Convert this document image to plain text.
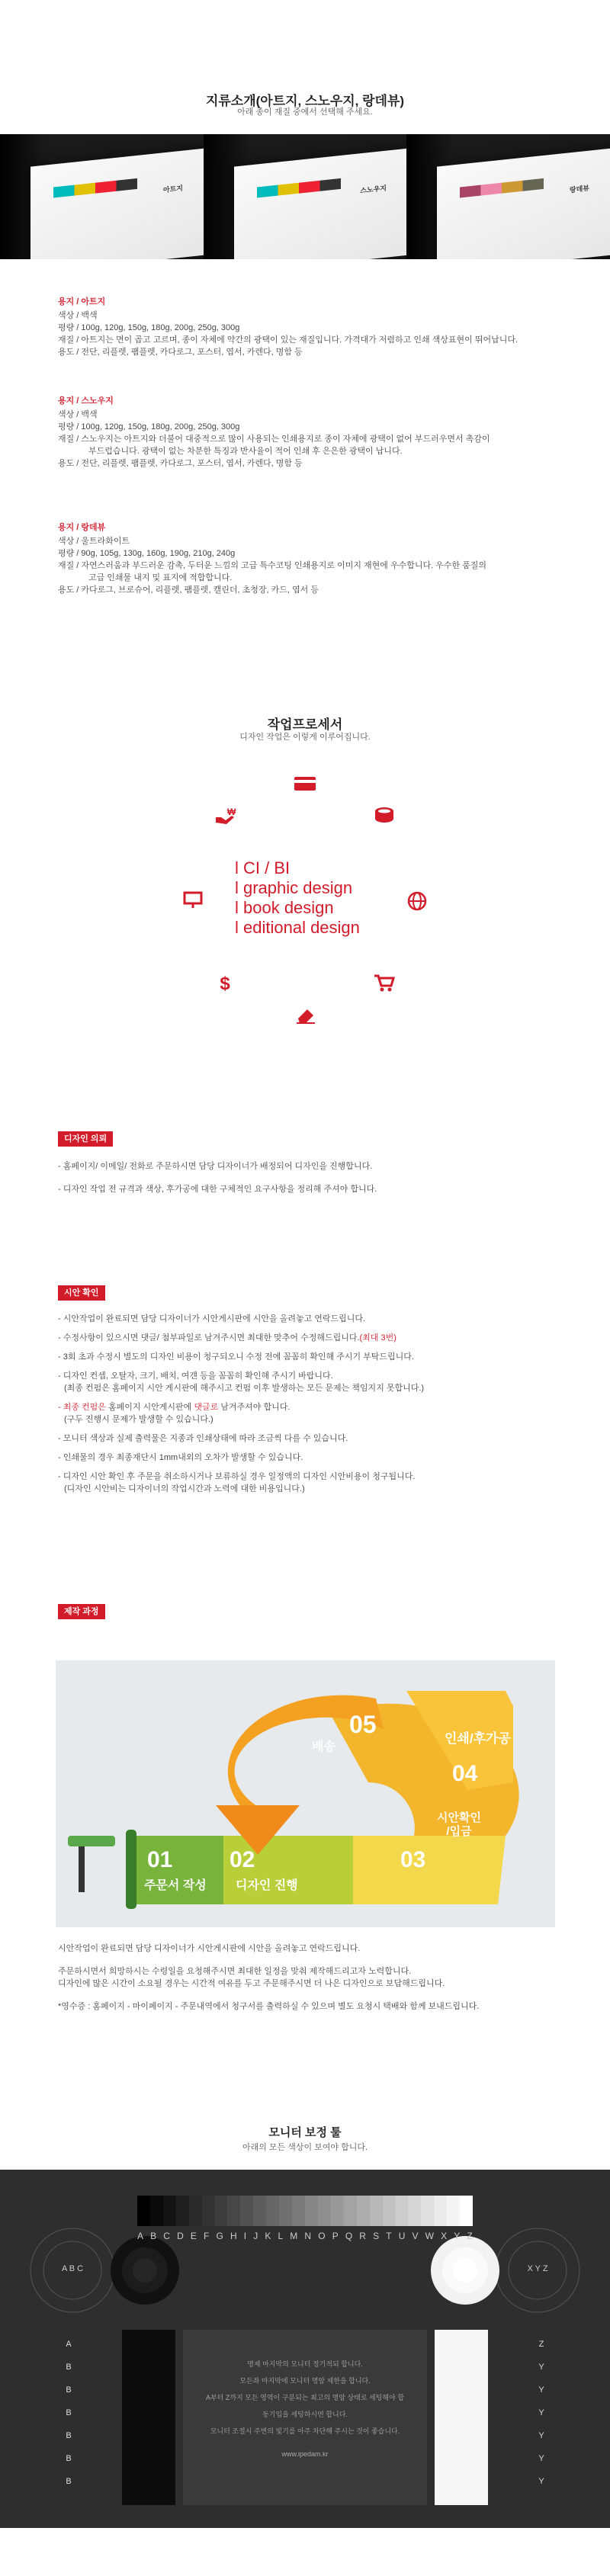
지류소개(아트지, 스노우지, 랑데뷰)
아래 종이 재질 중에서 선택해 주세요.
아트지	스노우지	랑데뷰
용지 / 아트지
색상 / 백색
평량 / 100g, 120g, 150g, 180g, 200g, 250g, 300g
재질 / 아트지는 면이 곱고 고르며, 종이 자체에 약간의 광택이 있는 재질입니다. 가격대가 저렴하고 인쇄 색상표현이 뛰어납니다.
용도 / 전단, 리플렛, 팸플렛, 카다로그, 포스터, 엽서, 카렌다, 명함 등
용지 / 스노우지
색상 / 백색
평량 / 100g, 120g, 150g, 180g, 200g, 250g, 300g
재질 / 스노우지는 아트지와 더불어 대중적으로 많이 사용되는 인쇄용지로 종이 자체에 광택이 없어 부드러우면서 촉감이
부드럽습니다. 광택이 없는 차분한 특징과 반사율이 적어 인쇄 후 은은한 광택이 납니다.
용도 / 전단, 리플렛, 팸플렛, 카다로그, 포스터, 엽서, 카렌다, 명함 등
용지 / 랑데뷰
색상 / 울트라화이트
평량 / 90g, 105g, 130g, 160g, 190g, 210g, 240g
재질 / 자연스러움과 부드러운 감촉, 두터운 느낌의 고급 특수코팅 인쇄용지로 이미지 재현에 우수합니다. 우수한 품질의
고급 인쇄물 내지 및 표지에 적합합니다.
용도 / 카다로그, 브로슈어, 리플렛, 팸플렛, 캘린더, 초청장, 카드, 엽서 등
작업프로세서
디자인 작업은 이렇게 이루어집니다.
$
₩
l CI / BI
l graphic design
l book design
l editional design
디자인 의뢰
- 홈페이지/ 이메일/ 전화로 주문하시면 담당 디자이너가 배정되어 디자인을 진행합니다.
- 디자인 작업 전 규격과 색상, 후가공에 대한 구체적인 요구사항을 정리해 주셔야 합니다.
시안 확인
- 시안작업이 완료되면 담당 디자이너가 시안게시판에 시안을 올려놓고 연락드립니다.
- 수정사항이 있으시면 댓글/ 첨부파일로 남겨주시면 최대한 맞추어 수정해드립니다.(최대 3번)
- 3회 초과 수정시 별도의 디자인 비용이 청구되오니 수정 전에 꼼꼼히 확인해 주시기 부탁드립니다.
- 디자인 컨셉, 오탈자, 크기, 배치, 여걘 등을 꼼꼼히 확인해 주시기 바랍니다.
(최종 컨펌은 홈페이지 시안 게시판에 해주시고 컨펌 이후 발생하는 모든 문제는 책임지지 못합니다.)
- 최종 컨펌은 홈페이지 시안게시판에 댓글로 남겨주셔야 합니다.
(구두 진행시 문제가 발생할 수 있습니다.)
- 모니터 색상과 실제 출력물은 지종과 인쇄상태에 따라 조금씩 다를 수 있습니다.
- 인쇄물의 경우 최종재단시 1mm내외의 오차가 발생할 수 있습니다.
- 디자인 시안 확인 후 주문을 취소하시거나 보류하실 경우 일정액의 디자인 시안비용이 청구됩니다.
(디자인 시안비는 디자이너의 작업시간과 노력에 대한 비용입니다.)
제작 과정
01
주문서 작성
02
디자인 진행
03
시안확인
/입금
04
인쇄/후가공
05
배송
시안작업이 완료되면 담당 디자이너가 시안게시판에 시안을 올려놓고 연락드립니다.
주문하시면서 희망하시는 수령일을 요청해주시면 최대한 일정을 맞춰 제작해드리고자 노력합니다.
디자인에 많은 시간이 소요될 경우는 시간적 여유를 두고 주문해주시면 더 나은 디자인으로 보답해드립니다.
*영수증 : 홈페이지 - 마이페이지 - 주문내역에서 청구서를 출력하실 수 있으며 별도 요청시 택배와 함께 보내드립니다.
모니터 보정 툴
아래의 모든 색상이 보여야 합니다.
A B C D E F G H I J K L M N O P Q R S T U V W X Y Z
A B C	X Y Z
A
B
B
B
B
B
B
Z
Y
Y
Y
Y
Y
Y
명제 마지막의 모니터 정기적되 합니다.
모든좌 마지막에 모니터 명암 제한을 합니다.
A부터 Z까지 모든 영역이 구분되는 최고의 명암 상태로 세팅해야 합
동기입을 세팅하시면 합니다.
모니터 조절시 주변의 빛기를 아주 차단해 주시는 것이 좋습니다.
www.ipedam.kr
